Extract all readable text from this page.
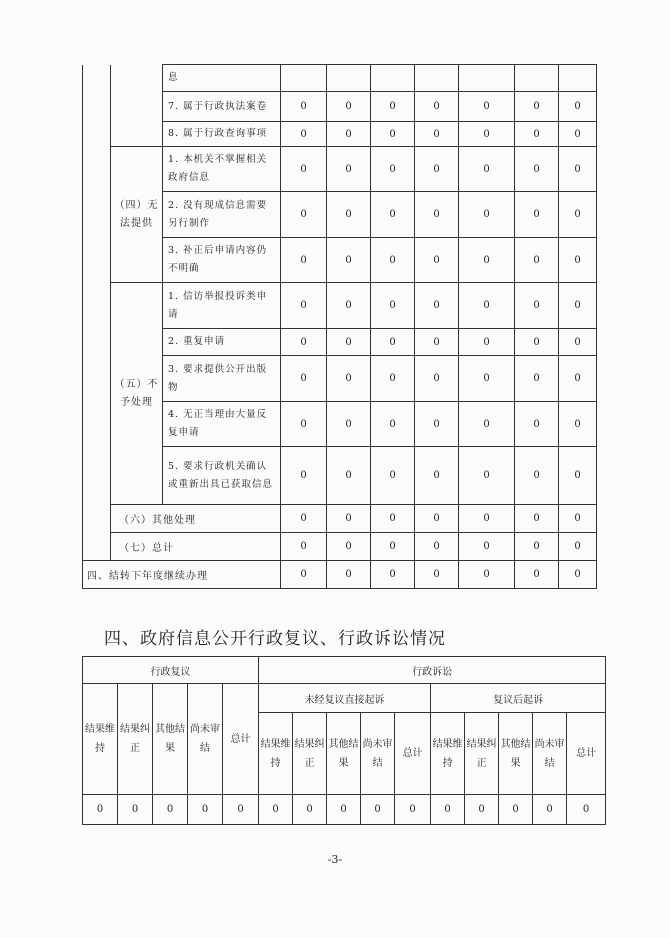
		息							
		7. 属于行政执法案卷	0	0	0	0	0	0	0
		8. 属于行政查询事项	0	0	0	0	0	0	0
	（四）无法提供	1. 本机关不掌握相关政府信息	0	0	0	0	0	0	0
		2. 没有现成信息需要另行制作	0	0	0	0	0	0	0
		3. 补正后申请内容仍不明确	0	0	0	0	0	0	0
	（五）不予处理	1. 信访举报投诉类申请	0	0	0	0	0	0	0
		2. 重复申请	0	0	0	0	0	0	0
		3. 要求提供公开出版物	0	0	0	0	0	0	0
		4. 无正当理由大量反复申请	0	0	0	0	0	0	0
		5. 要求行政机关确认或重新出具已获取信息	0	0	0	0	0	0	0
	（六）其他处理		0	0	0	0	0	0	0
	（七）总计		0	0	0	0	0	0	0
四、结转下年度继续办理			0	0	0	0	0	0	0
四、政府信息公开行政复议、行政诉讼情况
行政复议					行政诉讼									
结果维持	结果纠正	其他结果	尚未审结	总计	未经复议直接起诉					复议后起诉				
					结果维持	结果纠正	其他结果	尚未审结	总计	结果维持	结果纠正	其他结果	尚未审结	总计
0	0	0	0	0	0	0	0	0	0	0	0	0	0	0
-3-
